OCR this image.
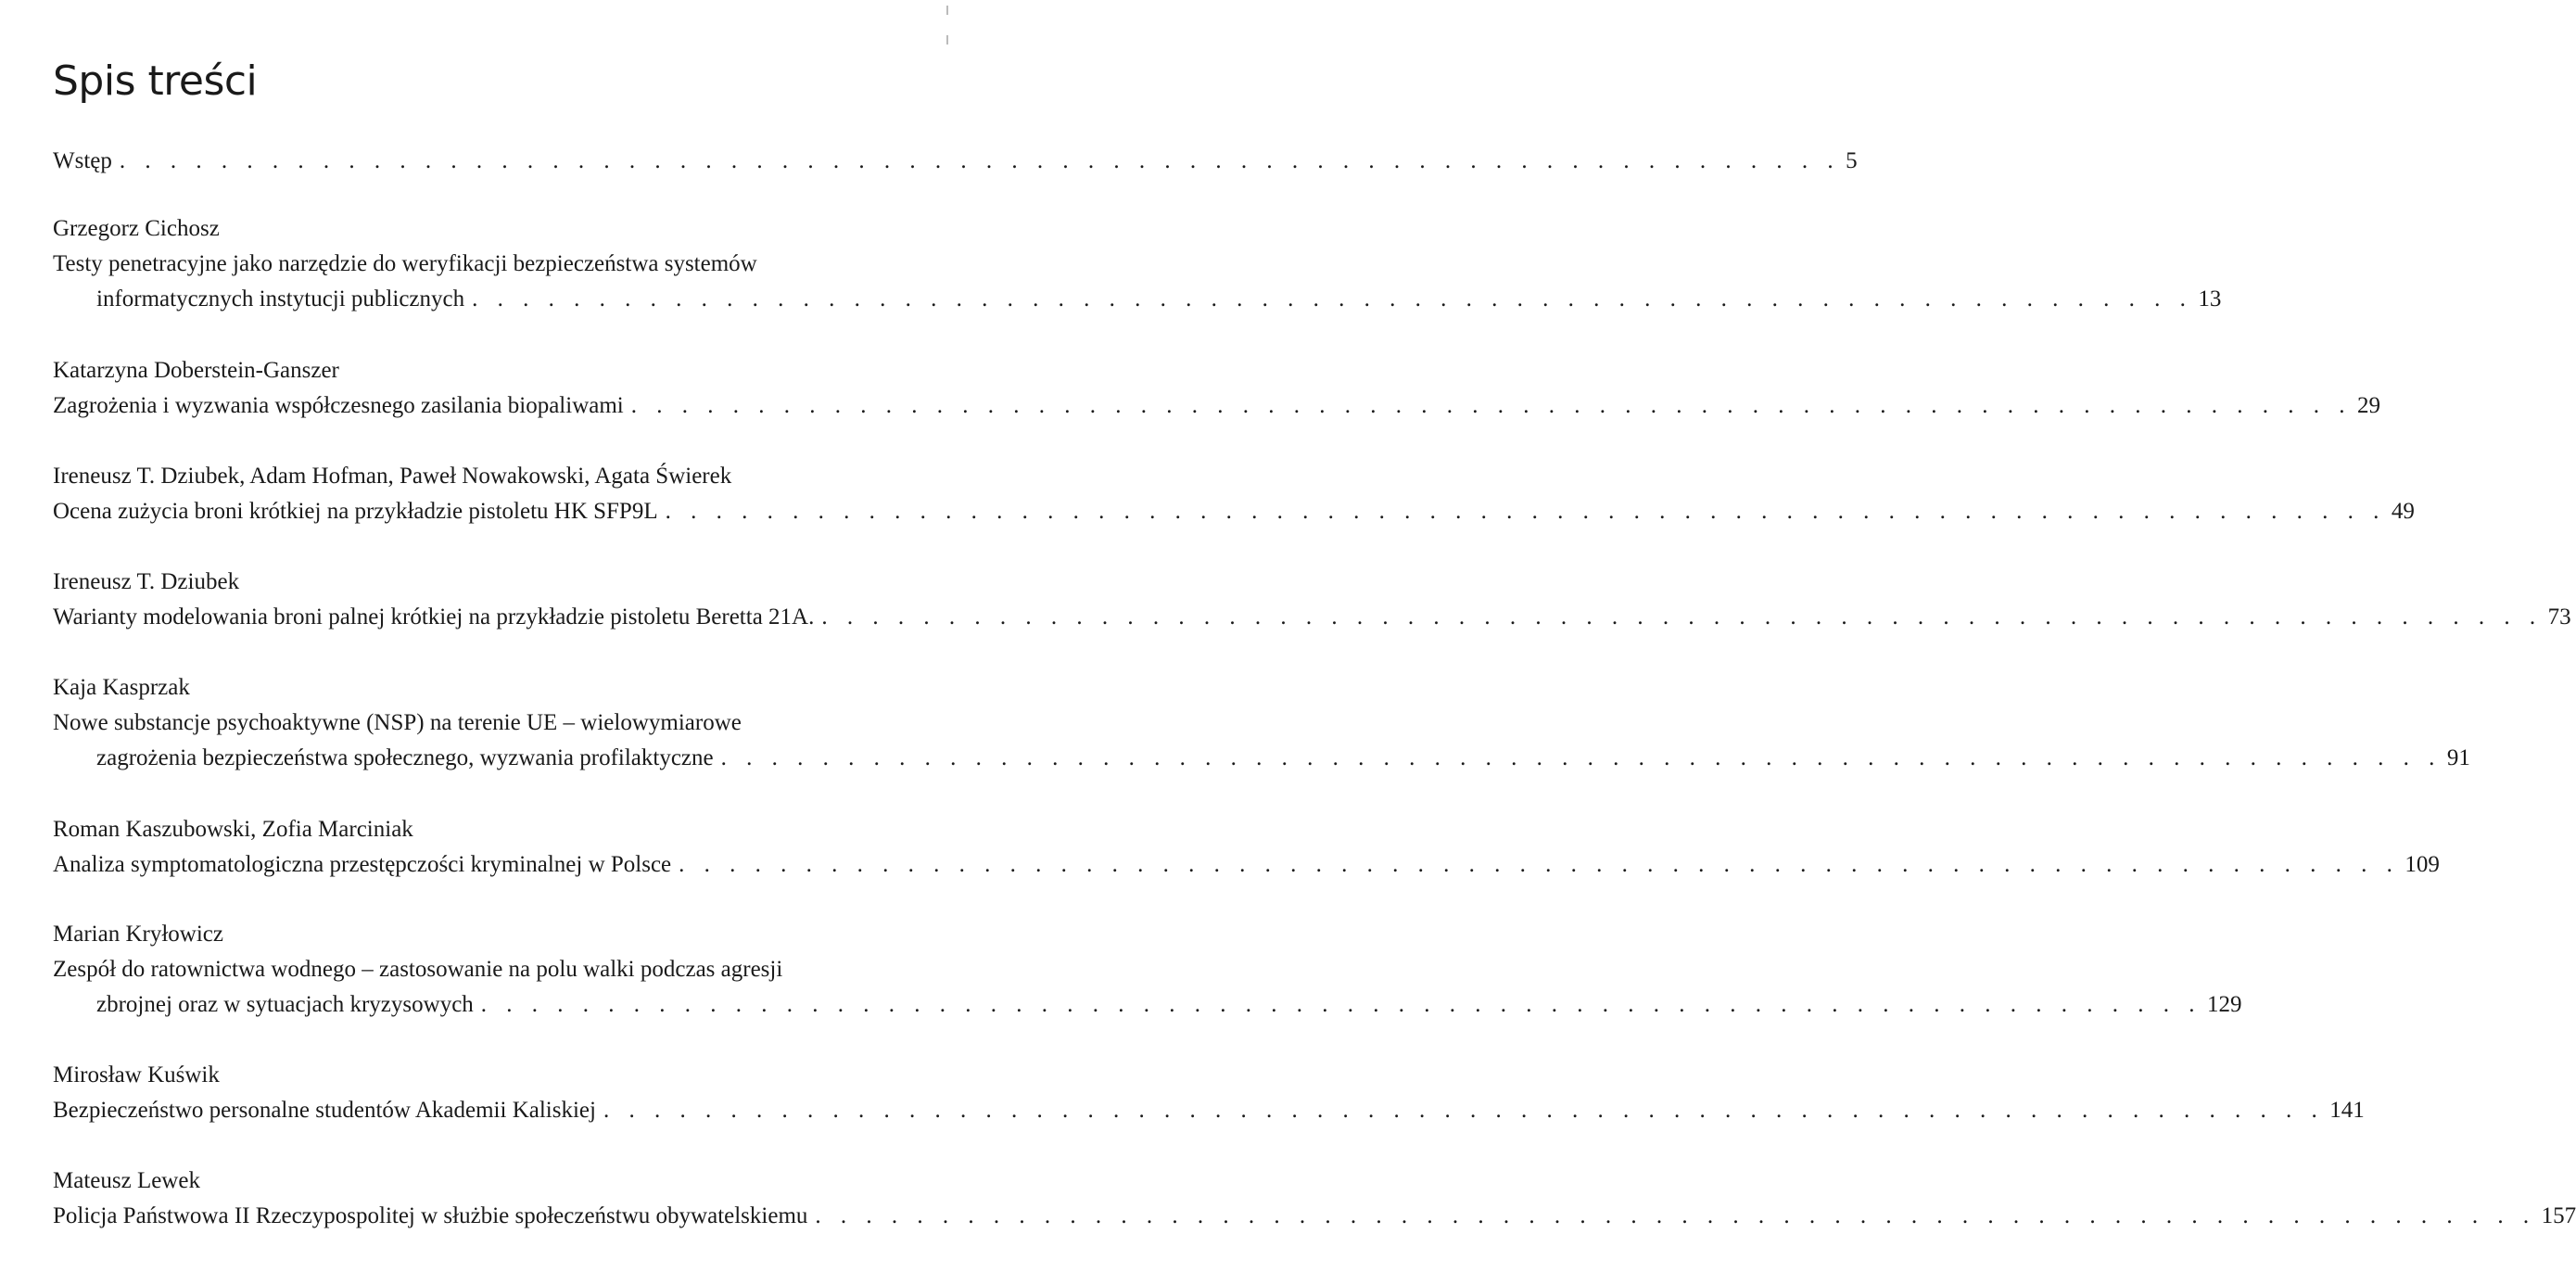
Spis treści
Wstęp . . . . . . . . . . . . . . . . . . . . . . . . . . . . . . . . . . . . . . . . . . . . . . . . . . . . . . . . . . . . . . . . . . . . 5
Grzegorz Cichosz
Testy penetracyjne jako narzędzie do weryfikacji bezpieczeństwa systemów
informatycznych instytucji publicznych . . . . . . . . . . . . . . . . . . . . . . . . . . . . . . . . . . . . . . . . . . . . . . . . . . . . . . . . . . . . . . . . . . . . 13
Katarzyna Doberstein-Ganszer
Zagrożenia i wyzwania współczesnego zasilania biopaliwami . . . . . . . . . . . . . . . . . . . . . . . . . . . . . . . . . . . . . . . . . . . . . . . . . . . . . . . . . . . . . . . . . . . . 29
Ireneusz T. Dziubek, Adam Hofman, Paweł Nowakowski, Agata Świerek
Ocena zużycia broni krótkiej na przykładzie pistoletu HK SFP9L . . . . . . . . . . . . . . . . . . . . . . . . . . . . . . . . . . . . . . . . . . . . . . . . . . . . . . . . . . . . . . . . . . . . 49
Ireneusz T. Dziubek
Warianty modelowania broni palnej krótkiej na przykładzie pistoletu Beretta 21A. . . . . . . . . . . . . . . . . . . . . . . . . . . . . . . . . . . . . . . . . . . . . . . . . . . . . . . . . . . . . . . . . . . . . 73
Kaja Kasprzak
Nowe substancje psychoaktywne (NSP) na terenie UE – wielowymiarowe
zagrożenia bezpieczeństwa społecznego, wyzwania profilaktyczne . . . . . . . . . . . . . . . . . . . . . . . . . . . . . . . . . . . . . . . . . . . . . . . . . . . . . . . . . . . . . . . . . . . . 91
Roman Kaszubowski, Zofia Marciniak
Analiza symptomatologiczna przestępczości kryminalnej w Polsce . . . . . . . . . . . . . . . . . . . . . . . . . . . . . . . . . . . . . . . . . . . . . . . . . . . . . . . . . . . . . . . . . . . . 109
Marian Kryłowicz
Zespół do ratownictwa wodnego – zastosowanie na polu walki podczas agresji
zbrojnej oraz w sytuacjach kryzysowych . . . . . . . . . . . . . . . . . . . . . . . . . . . . . . . . . . . . . . . . . . . . . . . . . . . . . . . . . . . . . . . . . . . . 129
Mirosław Kuświk
Bezpieczeństwo personalne studentów Akademii Kaliskiej . . . . . . . . . . . . . . . . . . . . . . . . . . . . . . . . . . . . . . . . . . . . . . . . . . . . . . . . . . . . . . . . . . . . 141
Mateusz Lewek
Policja Państwowa II Rzeczypospolitej w służbie społeczeństwu obywatelskiemu . . . . . . . . . . . . . . . . . . . . . . . . . . . . . . . . . . . . . . . . . . . . . . . . . . . . . . . . . . . . . . . . . . . . 157
